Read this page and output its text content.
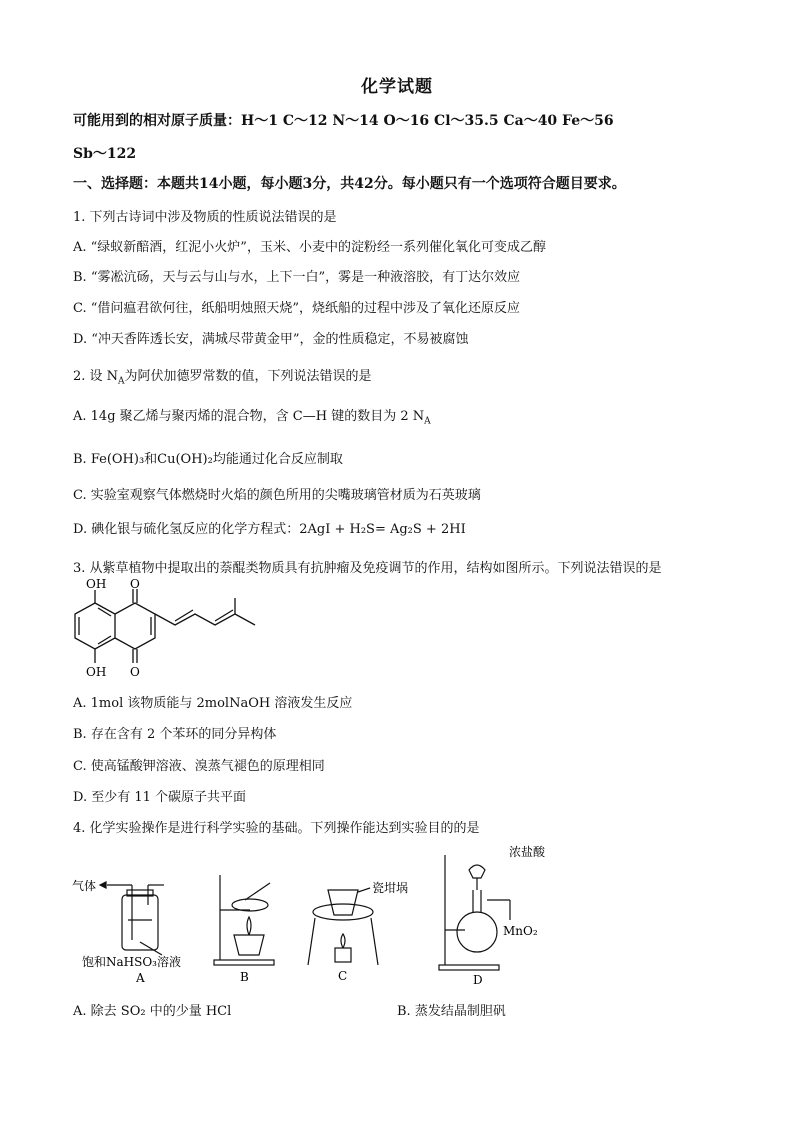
化学试题
可能用到的相对原子质量：H～1 C～12 N～14 O～16 Cl～35.5 Ca～40 Fe～56
Sb～122
一、选择题：本题共14小题，每小题3分，共42分。每小题只有一个选项符合题目要求。
1. 下列古诗词中涉及物质的性质说法错误的是
A. “绿蚁新醅酒，红泥小火炉”，玉米、小麦中的淀粉经一系列催化氧化可变成乙醇
B. “雾凇沆砀，天与云与山与水，上下一白”，雾是一种液溶胶，有丁达尔效应
C. “借问瘟君欲何往，纸船明烛照天烧”，烧纸船的过程中涉及了氧化还原反应
D. “冲天香阵透长安，满城尽带黄金甲”，金的性质稳定，不易被腐蚀
2. 设 $N_A$为阿伏加德罗常数的值，下列说法错误的是
A. 14g 聚乙烯与聚丙烯的混合物，含 C—H 键的数目为 2 $N_A$
B. Fe(OH)₃和Cu(OH)₂均能通过化合反应制取
C. 实验室观察气体燃烧时火焰的颜色所用的尖嘴玻璃管材质为石英玻璃
D. 碘化银与硫化氢反应的化学方程式：2AgI + H₂S= Ag₂S + 2HI
3. 从紫草植物中提取出的萘醌类物质具有抗肿瘤及免疫调节的作用，结构如图所示。下列说法错误的是
OH
OH
O
O
A. 1mol 该物质能与 2molNaOH 溶液发生反应
B. 存在含有 2 个苯环的同分异构体
C. 使高锰酸钾溶液、溴蒸气褪色的原理相同
D. 至少有 11 个碳原子共平面
4. 化学实验操作是进行科学实验的基础。下列操作能达到实验目的的是
气体
饱和NaHSO₃溶液
A	B
瓷坩埚
C
浓盐酸
MnO₂
D
A. 除去 SO₂ 中的少量 HCl	B. 蒸发结晶制胆矾
